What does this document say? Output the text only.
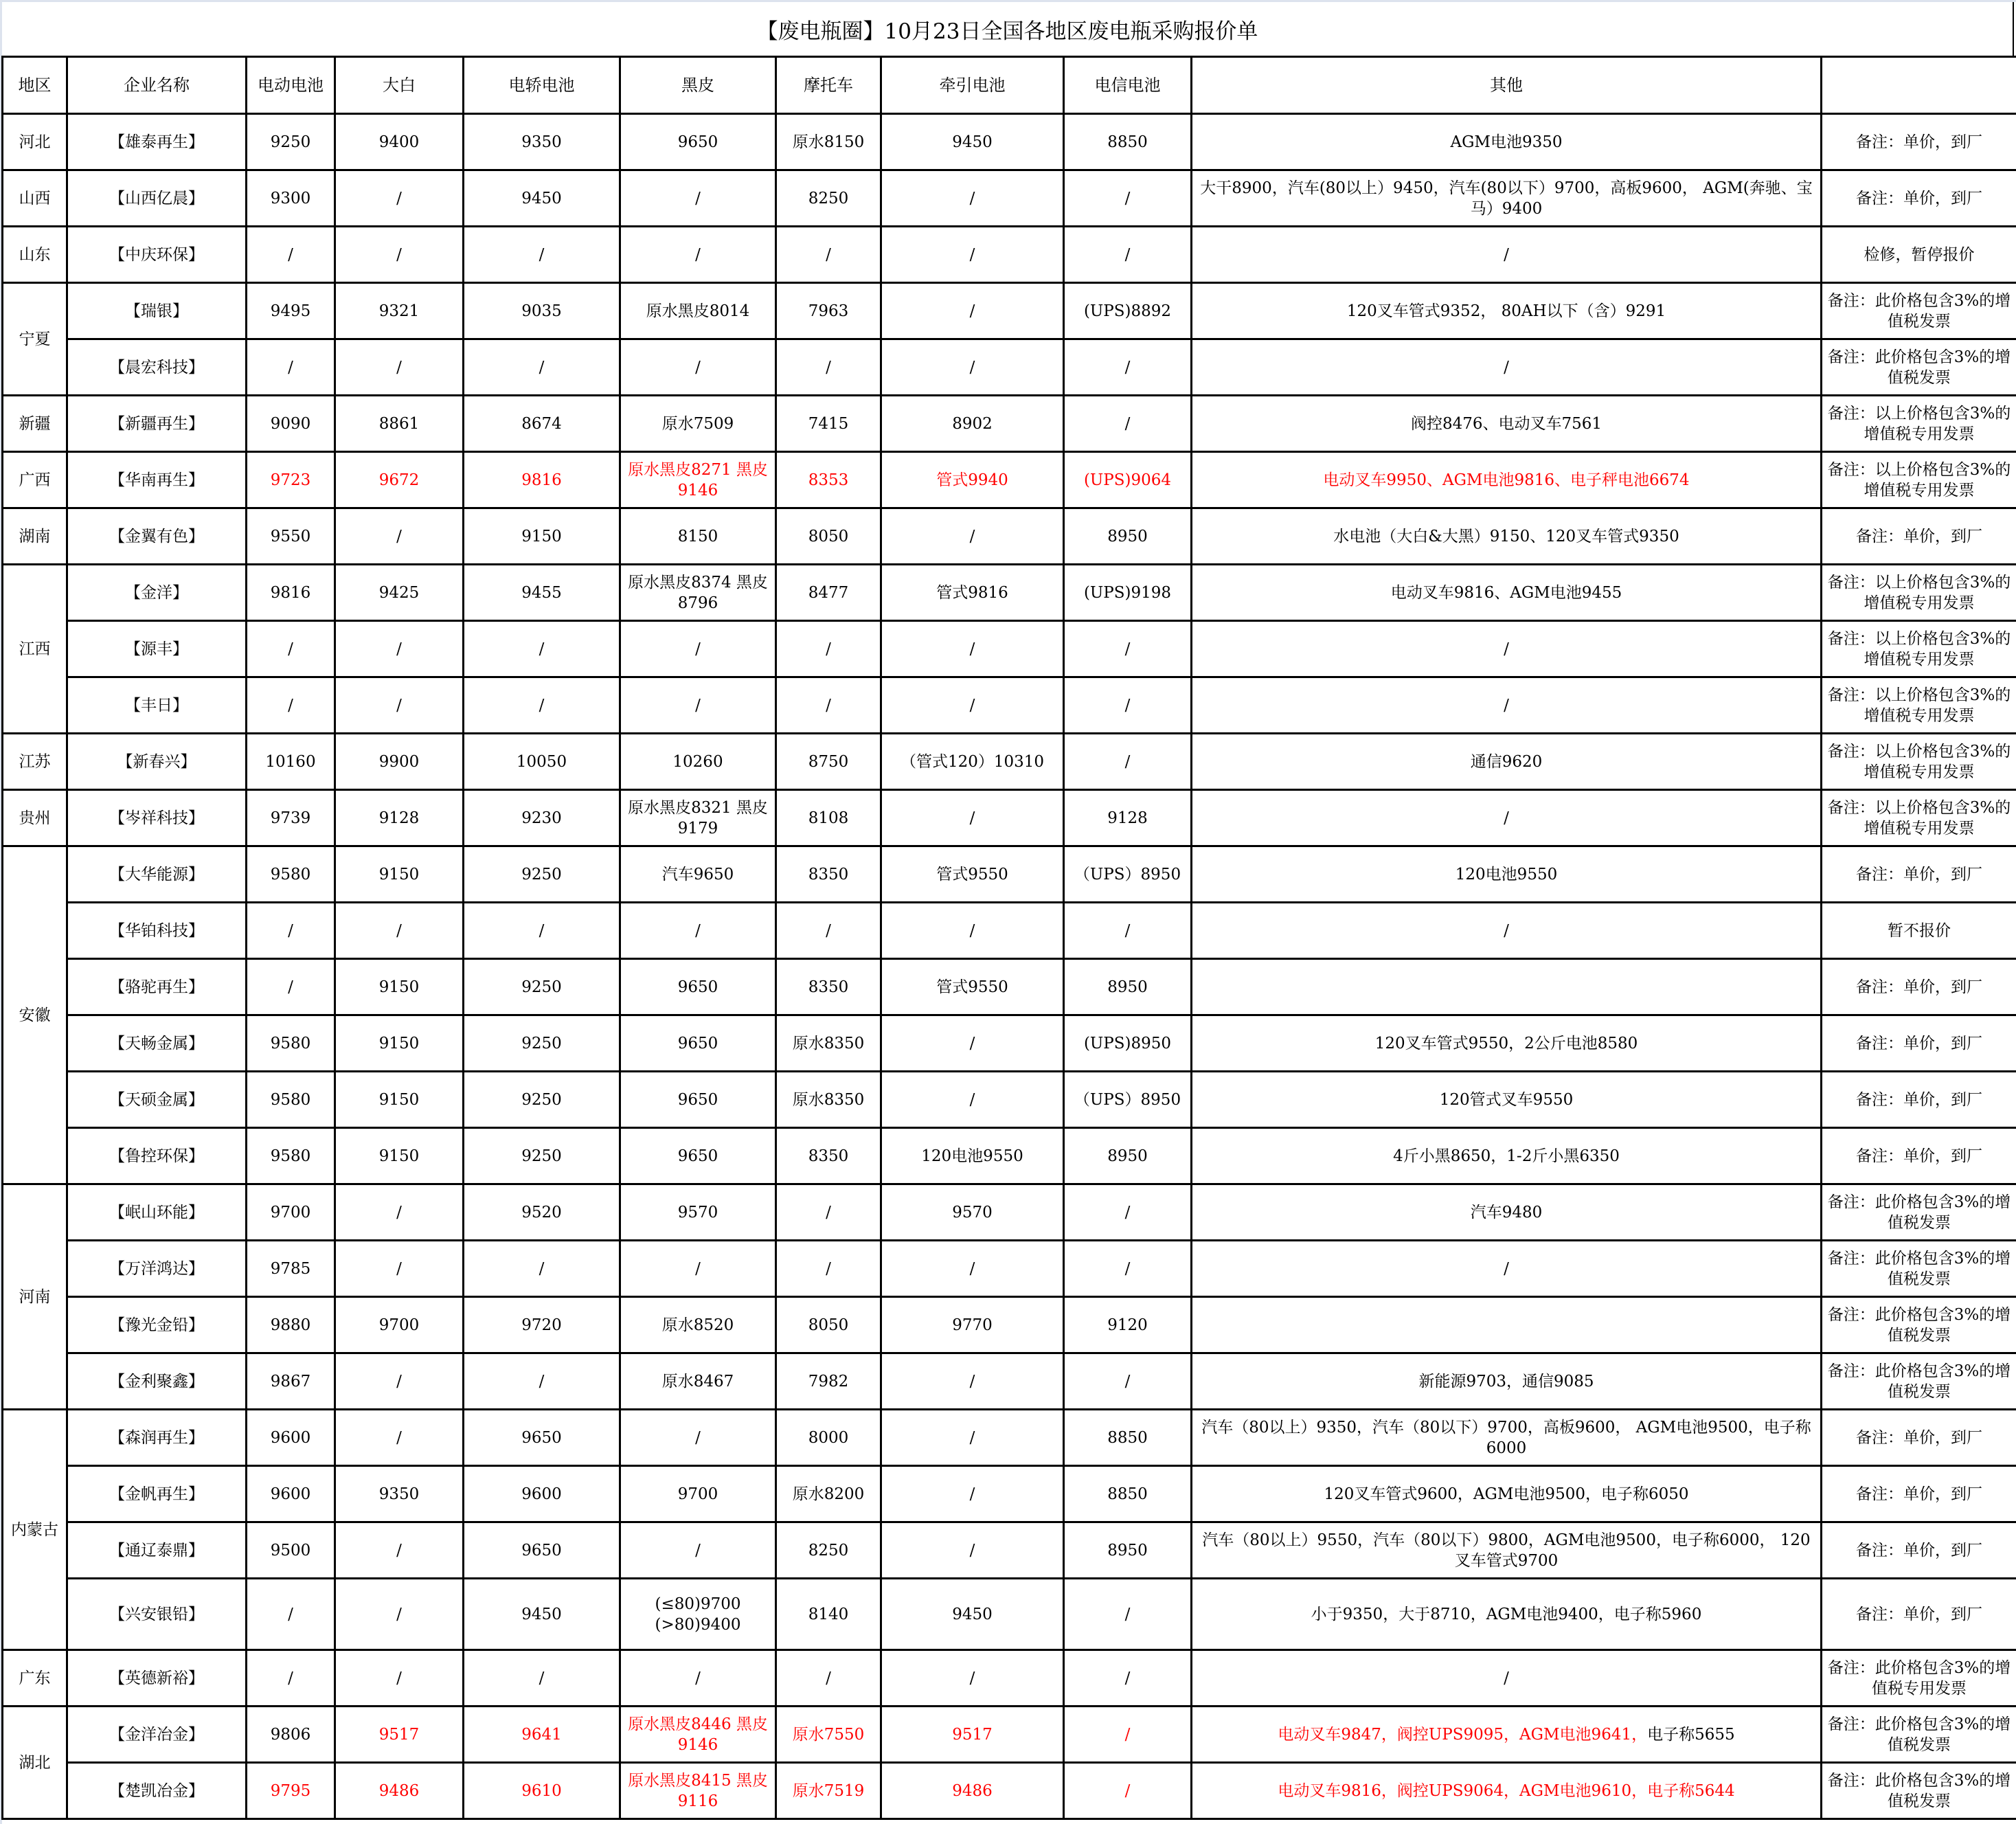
【废电瓶圈】10月23日全国各地区废电瓶采购报价单
地区	企业名称	电动电池	大白	电轿电池	黑皮	摩托车	牵引电池	电信电池	其他	
河北	【雄泰再生】	9250	9400	9350	9650	原水8150	9450	8850	AGM电池9350	备注：单价，到厂
山西	【山西亿晨】	9300	/	9450	/	8250	/	/	大干8900，汽车(80以上）9450，汽车(80以下）9700，高板9600， AGM(奔驰、宝马）9400	备注：单价，到厂
山东	【中庆环保】	/	/	/	/	/	/	/	/	检修，暂停报价
宁夏	【瑞银】	9495	9321	9035	原水黑皮8014	7963	/	(UPS)8892	120叉车管式9352， 80AH以下（含）9291	备注：此价格包含3%的增值税发票
	【晨宏科技】	/	/	/	/	/	/	/	/	备注：此价格包含3%的增值税发票
新疆	【新疆再生】	9090	8861	8674	原水7509	7415	8902	/	阀控8476、电动叉车7561	备注：以上价格包含3%的增值税专用发票
广西	【华南再生】	9723	9672	9816	原水黑皮8271 黑皮9146	8353	管式9940	(UPS)9064	电动叉车9950、AGM电池9816、电子秤电池6674	备注：以上价格包含3%的增值税专用发票
湖南	【金翼有色】	9550	/	9150	8150	8050	/	8950	水电池（大白&大黑）9150、120叉车管式9350	备注：单价，到厂
江西	【金洋】	9816	9425	9455	原水黑皮8374 黑皮8796	8477	管式9816	(UPS)9198	电动叉车9816、AGM电池9455	备注：以上价格包含3%的增值税专用发票
	【源丰】	/	/	/	/	/	/	/	/	备注：以上价格包含3%的增值税专用发票
	【丰日】	/	/	/	/	/	/	/	/	备注：以上价格包含3%的增值税专用发票
江苏	【新春兴】	10160	9900	10050	10260	8750	（管式120）10310	/	通信9620	备注：以上价格包含3%的增值税专用发票
贵州	【岑祥科技】	9739	9128	9230	原水黑皮8321 黑皮9179	8108	/	9128	/	备注：以上价格包含3%的增值税专用发票
安徽	【大华能源】	9580	9150	9250	汽车9650	8350	管式9550	（UPS）8950	120电池9550	备注：单价，到厂
	【华铂科技】	/	/	/	/	/	/	/	/	暂不报价
	【骆驼再生】	/	9150	9250	9650	8350	管式9550	8950		备注：单价，到厂
	【天畅金属】	9580	9150	9250	9650	原水8350	/	(UPS)8950	120叉车管式9550，2公斤电池8580	备注：单价，到厂
	【天硕金属】	9580	9150	9250	9650	原水8350	/	（UPS）8950	120管式叉车9550	备注：单价，到厂
	【鲁控环保】	9580	9150	9250	9650	8350	120电池9550	8950	4斤小黑8650，1-2斤小黑6350	备注：单价，到厂
河南	【岷山环能】	9700	/	9520	9570	/	9570	/	汽车9480	备注：此价格包含3%的增值税发票
	【万洋鸿达】	9785	/	/	/	/	/	/	/	备注：此价格包含3%的增值税发票
	【豫光金铅】	9880	9700	9720	原水8520	8050	9770	9120		备注：此价格包含3%的增值税发票
	【金利聚鑫】	9867	/	/	原水8467	7982	/	/	新能源9703，通信9085	备注：此价格包含3%的增值税发票
内蒙古	【森润再生】	9600	/	9650	/	8000	/	8850	汽车（80以上）9350，汽车（80以下）9700，高板9600， AGM电池9500，电子称6000	备注：单价，到厂
	【金帆再生】	9600	9350	9600	9700	原水8200	/	8850	120叉车管式9600，AGM电池9500，电子称6050	备注：单价，到厂
	【通辽泰鼎】	9500	/	9650	/	8250	/	8950	汽车（80以上）9550，汽车（80以下）9800，AGM电池9500，电子称6000， 120叉车管式9700	备注：单价，到厂
	【兴安银铅】	/	/	9450	(≤80)9700 (>80)9400	8140	9450	/	小于9350，大于8710，AGM电池9400，电子称5960	备注：单价，到厂
广东	【英德新裕】	/	/	/	/	/	/	/	/	备注：此价格包含3%的增值税专用发票
湖北	【金洋冶金】	9806	9517	9641	原水黑皮8446 黑皮9146	原水7550	9517	/	电动叉车9847，阀控UPS9095，AGM电池9641，电子称5655	备注：此价格包含3%的增值税发票
	【楚凯冶金】	9795	9486	9610	原水黑皮8415 黑皮9116	原水7519	9486	/	电动叉车9816，阀控UPS9064，AGM电池9610，电子称5644	备注：此价格包含3%的增值税发票
